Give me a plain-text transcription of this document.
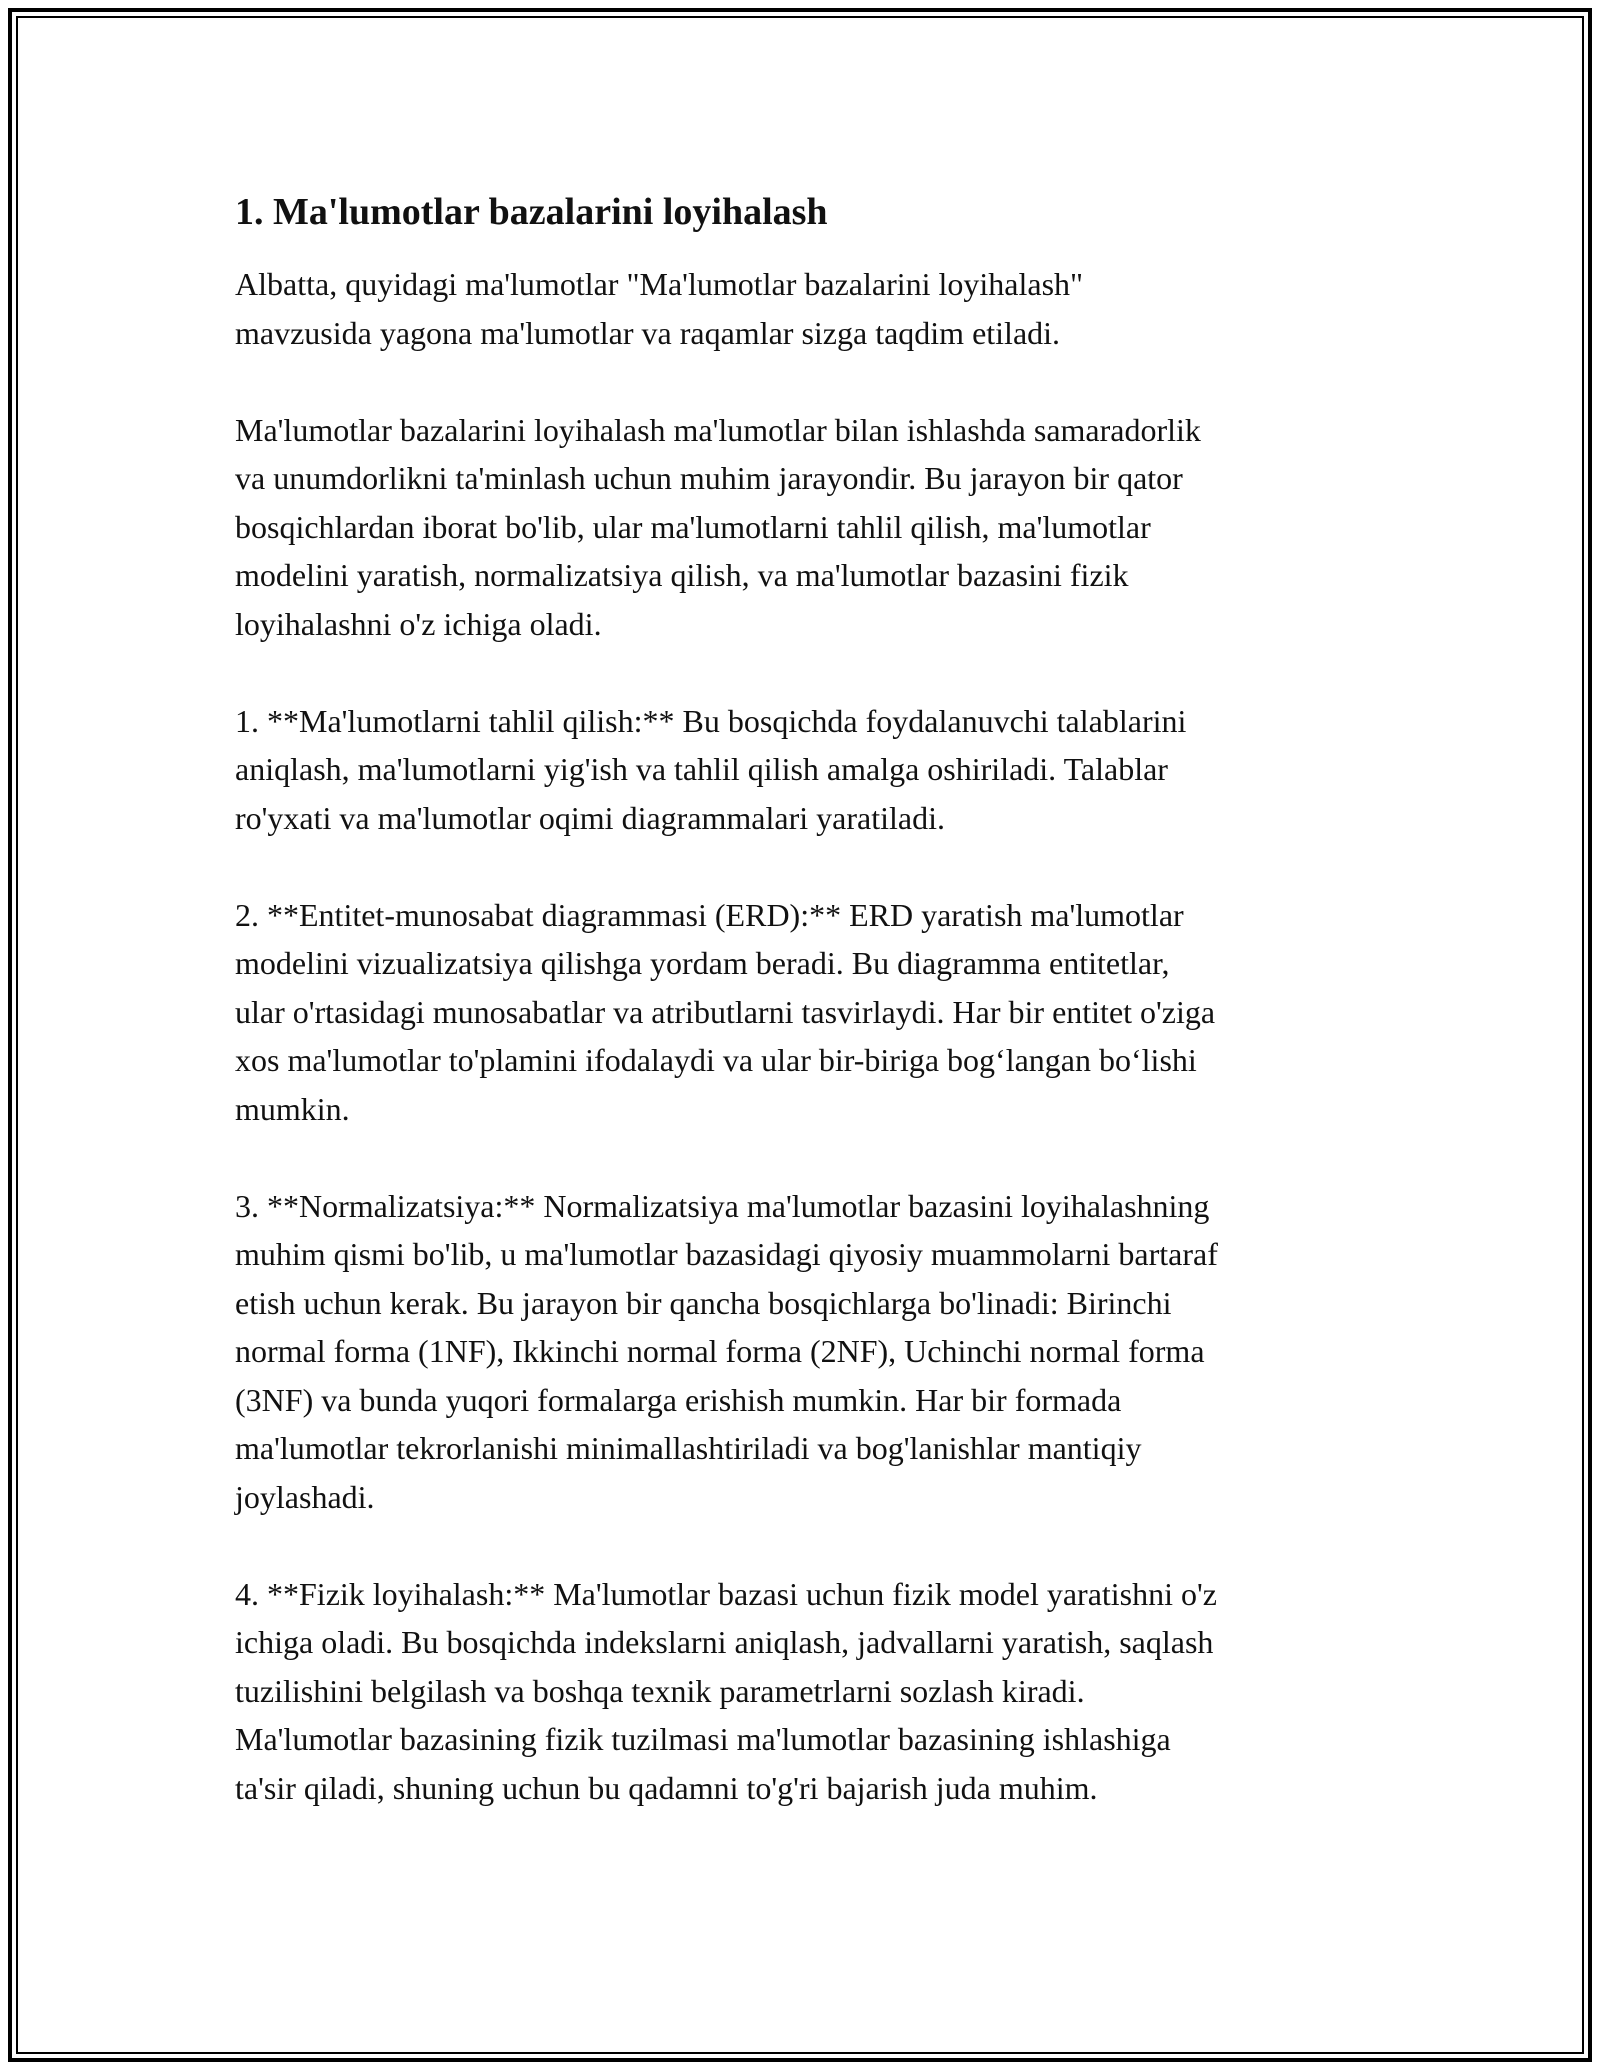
1. Ma'lumotlar bazalarini loyihalash

Albatta, quyidagi ma'lumotlar "Ma'lumotlar bazalarini loyihalash"
mavzusida yagona ma'lumotlar va raqamlar sizga taqdim etiladi.

Ma'lumotlar bazalarini loyihalash ma'lumotlar bilan ishlashda samaradorlik
va unumdorlikni ta'minlash uchun muhim jarayondir. Bu jarayon bir qator
bosqichlardan iborat bo'lib, ular ma'lumotlarni tahlil qilish, ma'lumotlar
modelini yaratish, normalizatsiya qilish, va ma'lumotlar bazasini fizik
loyihalashni o'z ichiga oladi.

1. **Ma'lumotlarni tahlil qilish:** Bu bosqichda foydalanuvchi talablarini
aniqlash, ma'lumotlarni yig'ish va tahlil qilish amalga oshiriladi. Talablar
ro'yxati va ma'lumotlar oqimi diagrammalari yaratiladi.

2. **Entitet-munosabat diagrammasi (ERD):** ERD yaratish ma'lumotlar
modelini vizualizatsiya qilishga yordam beradi. Bu diagramma entitetlar,
ular o'rtasidagi munosabatlar va atributlarni tasvirlaydi. Har bir entitet o'ziga
xos ma'lumotlar to'plamini ifodalaydi va ular bir-biriga bog‘langan bo‘lishi
mumkin.

3. **Normalizatsiya:** Normalizatsiya ma'lumotlar bazasini loyihalashning
muhim qismi bo'lib, u ma'lumotlar bazasidagi qiyosiy muammolarni bartaraf
etish uchun kerak. Bu jarayon bir qancha bosqichlarga bo'linadi: Birinchi
normal forma (1NF), Ikkinchi normal forma (2NF), Uchinchi normal forma
(3NF) va bunda yuqori formalarga erishish mumkin. Har bir formada
ma'lumotlar tekrorlanishi minimallashtiriladi va bog'lanishlar mantiqiy
joylashadi.

4. **Fizik loyihalash:** Ma'lumotlar bazasi uchun fizik model yaratishni o'z
ichiga oladi. Bu bosqichda indekslarni aniqlash, jadvallarni yaratish, saqlash
tuzilishini belgilash va boshqa texnik parametrlarni sozlash kiradi.
Ma'lumotlar bazasining fizik tuzilmasi ma'lumotlar bazasining ishlashiga
ta'sir qiladi, shuning uchun bu qadamni to'g'ri bajarish juda muhim.
